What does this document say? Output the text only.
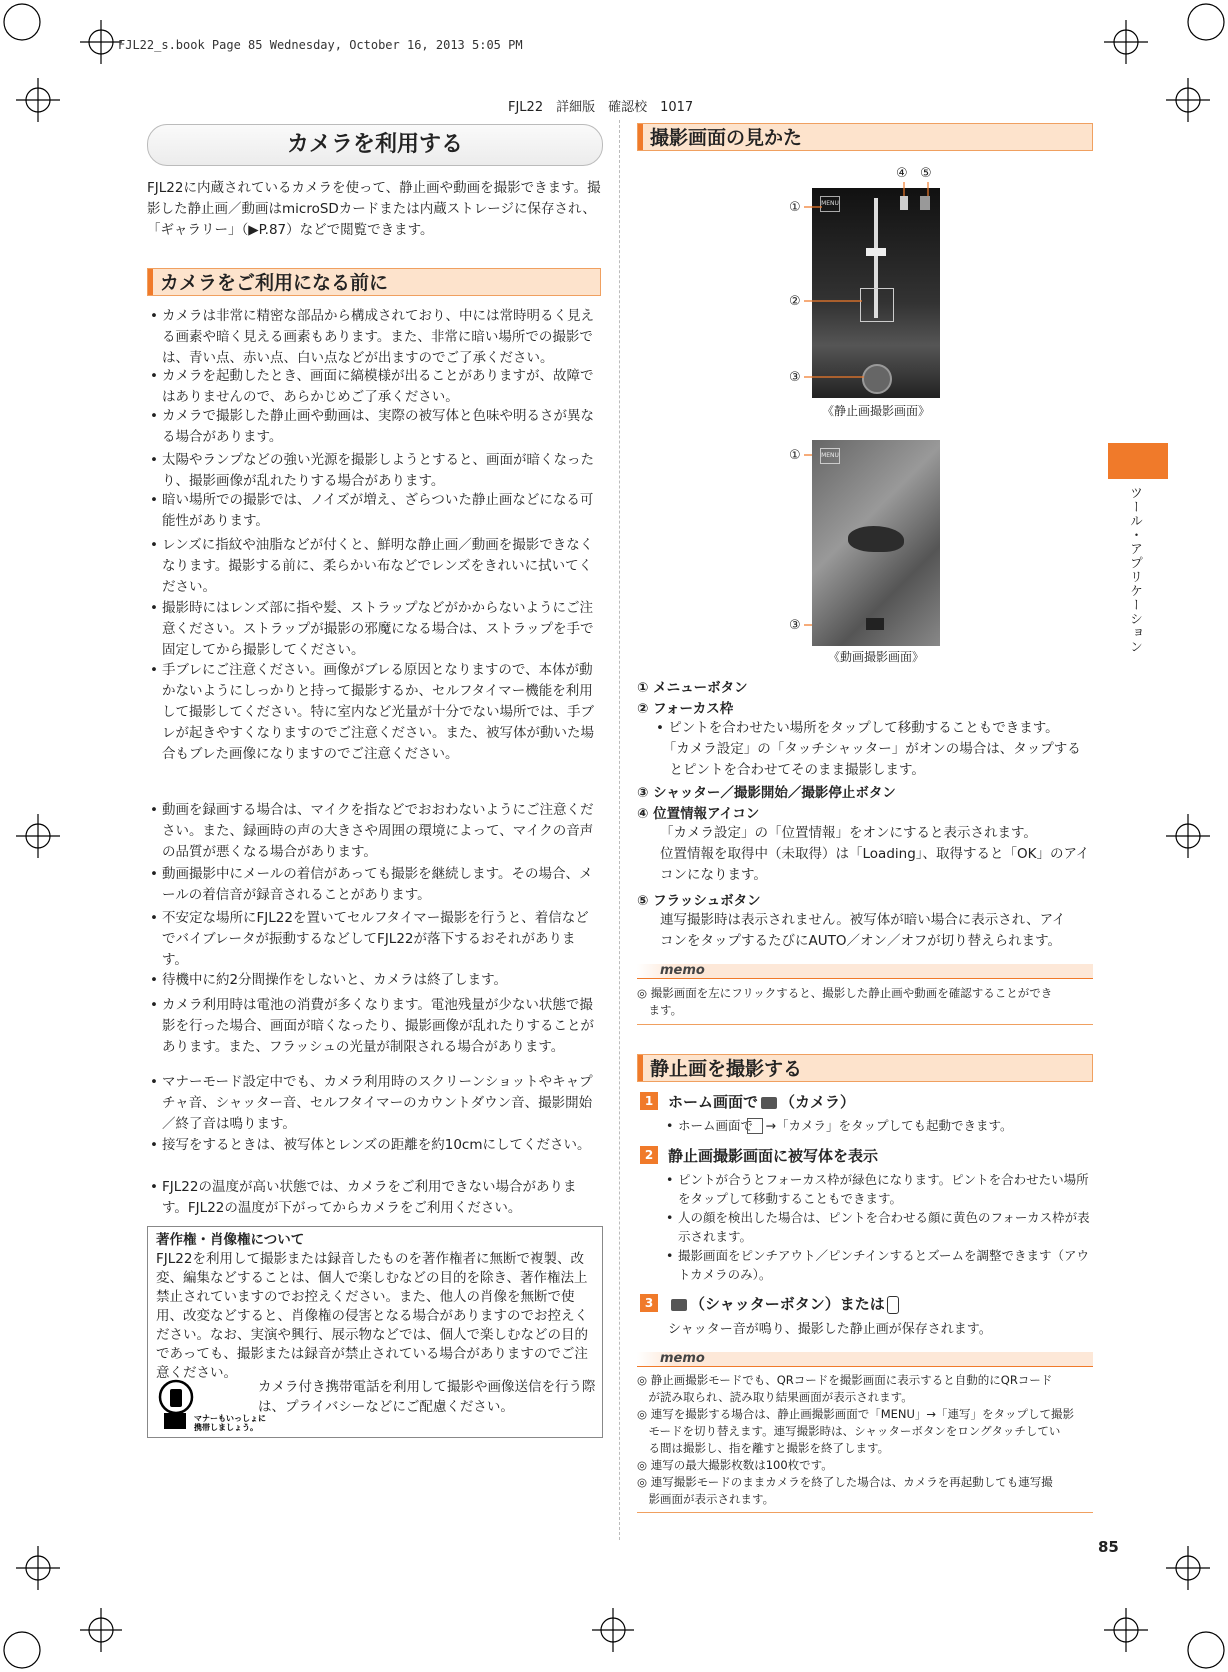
FJL22_s.book Page 85 Wednesday, October 16, 2013 5:05 PM
FJL22　詳細版　確認校　1017
ツール・アプリケーション
85
カメラを利用する
FJL22に内蔵されているカメラを使って、静止画や動画を撮影できます。撮影した静止画／動画はmicroSDカードまたは内蔵ストレージに保存され、「ギャラリー」（▶P.87）などで閲覧できます。
カメラをご利用になる前に
• カメラは非常に精密な部品から構成されており、中には常時明るく見える画素や暗く見える画素もあります。また、非常に暗い場所での撮影では、青い点、赤い点、白い点などが出ますのでご了承ください。
• カメラを起動したとき、画面に縞模様が出ることがありますが、故障ではありませんので、あらかじめご了承ください。
• カメラで撮影した静止画や動画は、実際の被写体と色味や明るさが異なる場合があります。
• 太陽やランプなどの強い光源を撮影しようとすると、画面が暗くなったり、撮影画像が乱れたりする場合があります。
• 暗い場所での撮影では、ノイズが増え、ざらついた静止画などになる可能性があります。
• レンズに指紋や油脂などが付くと、鮮明な静止画／動画を撮影できなくなります。撮影する前に、柔らかい布などでレンズをきれいに拭いてください。
• 撮影時にはレンズ部に指や髪、ストラップなどがかからないようにご注意ください。ストラップが撮影の邪魔になる場合は、ストラップを手で固定してから撮影してください。
• 手ブレにご注意ください。画像がブレる原因となりますので、本体が動かないようにしっかりと持って撮影するか、セルフタイマー機能を利用して撮影してください。特に室内など光量が十分でない場所では、手ブレが起きやすくなりますのでご注意ください。また、被写体が動いた場合もブレた画像になりますのでご注意ください。
• 動画を録画する場合は、マイクを指などでおおわないようにご注意ください。また、録画時の声の大きさや周囲の環境によって、マイクの音声の品質が悪くなる場合があります。
• 動画撮影中にメールの着信があっても撮影を継続します。その場合、メールの着信音が録音されることがあります。
• 不安定な場所にFJL22を置いてセルフタイマー撮影を行うと、着信などでバイブレータが振動するなどしてFJL22が落下するおそれがあります。
• 待機中に約2分間操作をしないと、カメラは終了します。
• カメラ利用時は電池の消費が多くなります。電池残量が少ない状態で撮影を行った場合、画面が暗くなったり、撮影画像が乱れたりすることがあります。また、フラッシュの光量が制限される場合があります。
• マナーモード設定中でも、カメラ利用時のスクリーンショットやキャプチャ音、シャッター音、セルフタイマーのカウントダウン音、撮影開始／終了音は鳴ります。
• 接写をするときは、被写体とレンズの距離を約10cmにしてください。
• FJL22の温度が高い状態では、カメラをご利用できない場合があります。FJL22の温度が下がってからカメラをご利用ください。
著作権・肖像権について
FJL22を利用して撮影または録音したものを著作権者に無断で複製、改変、編集などすることは、個人で楽しむなどの目的を除き、著作権法上禁止されていますのでお控えください。また、他人の肖像を無断で使用、改変などすると、肖像権の侵害となる場合がありますのでお控えください。なお、実演や興行、展示物などでは、個人で楽しむなどの目的であっても、撮影または録音が禁止されている場合がありますのでご注意ください。
マナーもいっしょに
携帯しましょう。
カメラ付き携帯電話を利用して撮影や画像送信を行う際は、プライバシーなどにご配慮ください。
撮影画面の見かた
MENU
①
②
③
④ ⑤
《静止画撮影画面》
MENU
①
③
《動画撮影画面》
① メニューボタン
② フォーカス枠
• ピントを合わせたい場所をタップして移動することもできます。
　「カメラ設定」の「タッチシャッター」がオンの場合は、タップする
　とピントを合わせてそのまま撮影します。
③ シャッター／撮影開始／撮影停止ボタン
④ 位置情報アイコン
「カメラ設定」の「位置情報」をオンにすると表示されます。
位置情報を取得中（未取得）は「Loading」、取得すると「OK」のアイ
コンになります。
⑤ フラッシュボタン
連写撮影時は表示されません。被写体が暗い場合に表示され、アイ
コンをタップするたびにAUTO／オン／オフが切り替えられます。
memo
◎ 撮影画面を左にフリックすると、撮影した静止画や動画を確認することができ
　ます。
静止画を撮影する
1 ホーム画面で （カメラ）
• ホーム画面で　→「カメラ」をタップしても起動できます。
2 静止画撮影画面に被写体を表示
• ピントが合うとフォーカス枠が緑色になります。ピントを合わせたい場所をタップして移動することもできます。
• 人の顔を検出した場合は、ピントを合わせる顔に黄色のフォーカス枠が表示されます。
• 撮影画面をピンチアウト／ピンチインするとズームを調整できます（アウトカメラのみ）。
3	（シャッターボタン）または
シャッター音が鳴り、撮影した静止画が保存されます。
memo
◎ 静止画撮影モードでも、QRコードを撮影画面に表示すると自動的にQRコード
　が読み取られ、読み取り結果画面が表示されます。
◎ 連写を撮影する場合は、静止画撮影画面で「MENU」→「連写」をタップして撮影
　モードを切り替えます。連写撮影時は、シャッターボタンをロングタッチしてい
　る間は撮影し、指を離すと撮影を終了します。
◎ 連写の最大撮影枚数は100枚です。
◎ 連写撮影モードのままカメラを終了した場合は、カメラを再起動しても連写撮
　影画面が表示されます。
